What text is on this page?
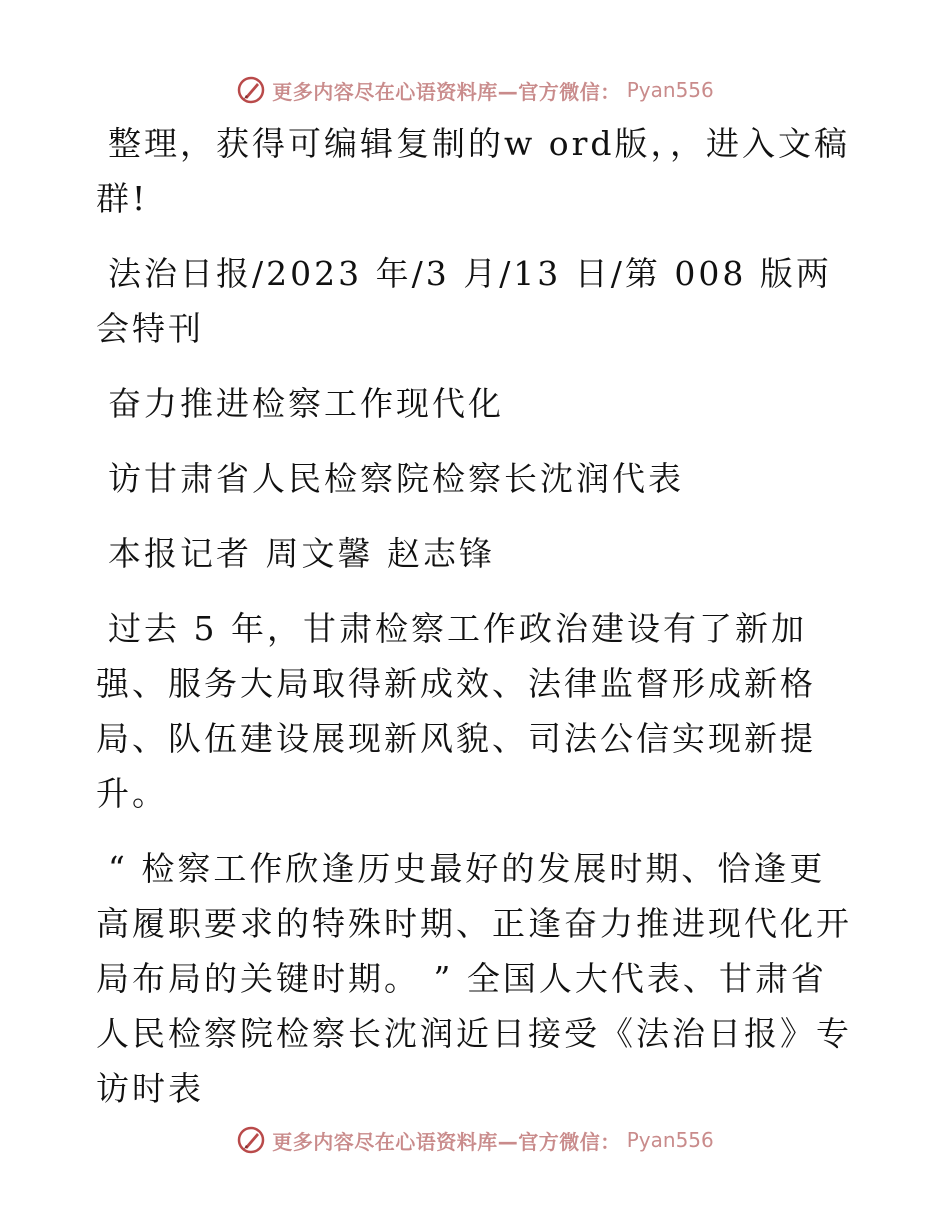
更多内容尽在心语资料库—官方微信： Pyan556

整理，获得可编辑复制的w ord版，，进入文稿群!

法治日报/2023 年/3 月/13 日/第 008 版两会特刊

奋力推进检察工作现代化

访甘肃省人民检察院检察长沈润代表

本报记者 周文馨 赵志锋

过去 5 年，甘肃检察工作政治建设有了新加强、服务大局取得新成效、法律监督形成新格局、队伍建设展现新风貌、司法公信实现新提升。

“ 检察工作欣逢历史最好的发展时期、恰逢更高履职要求的特殊时期、正逢奋力推进现代化开局布局的关键时期。 ” 全国人大代表、甘肃省人民检察院检察长沈润近日接受《法治日报》专访时表

更多内容尽在心语资料库—官方微信： Pyan556
